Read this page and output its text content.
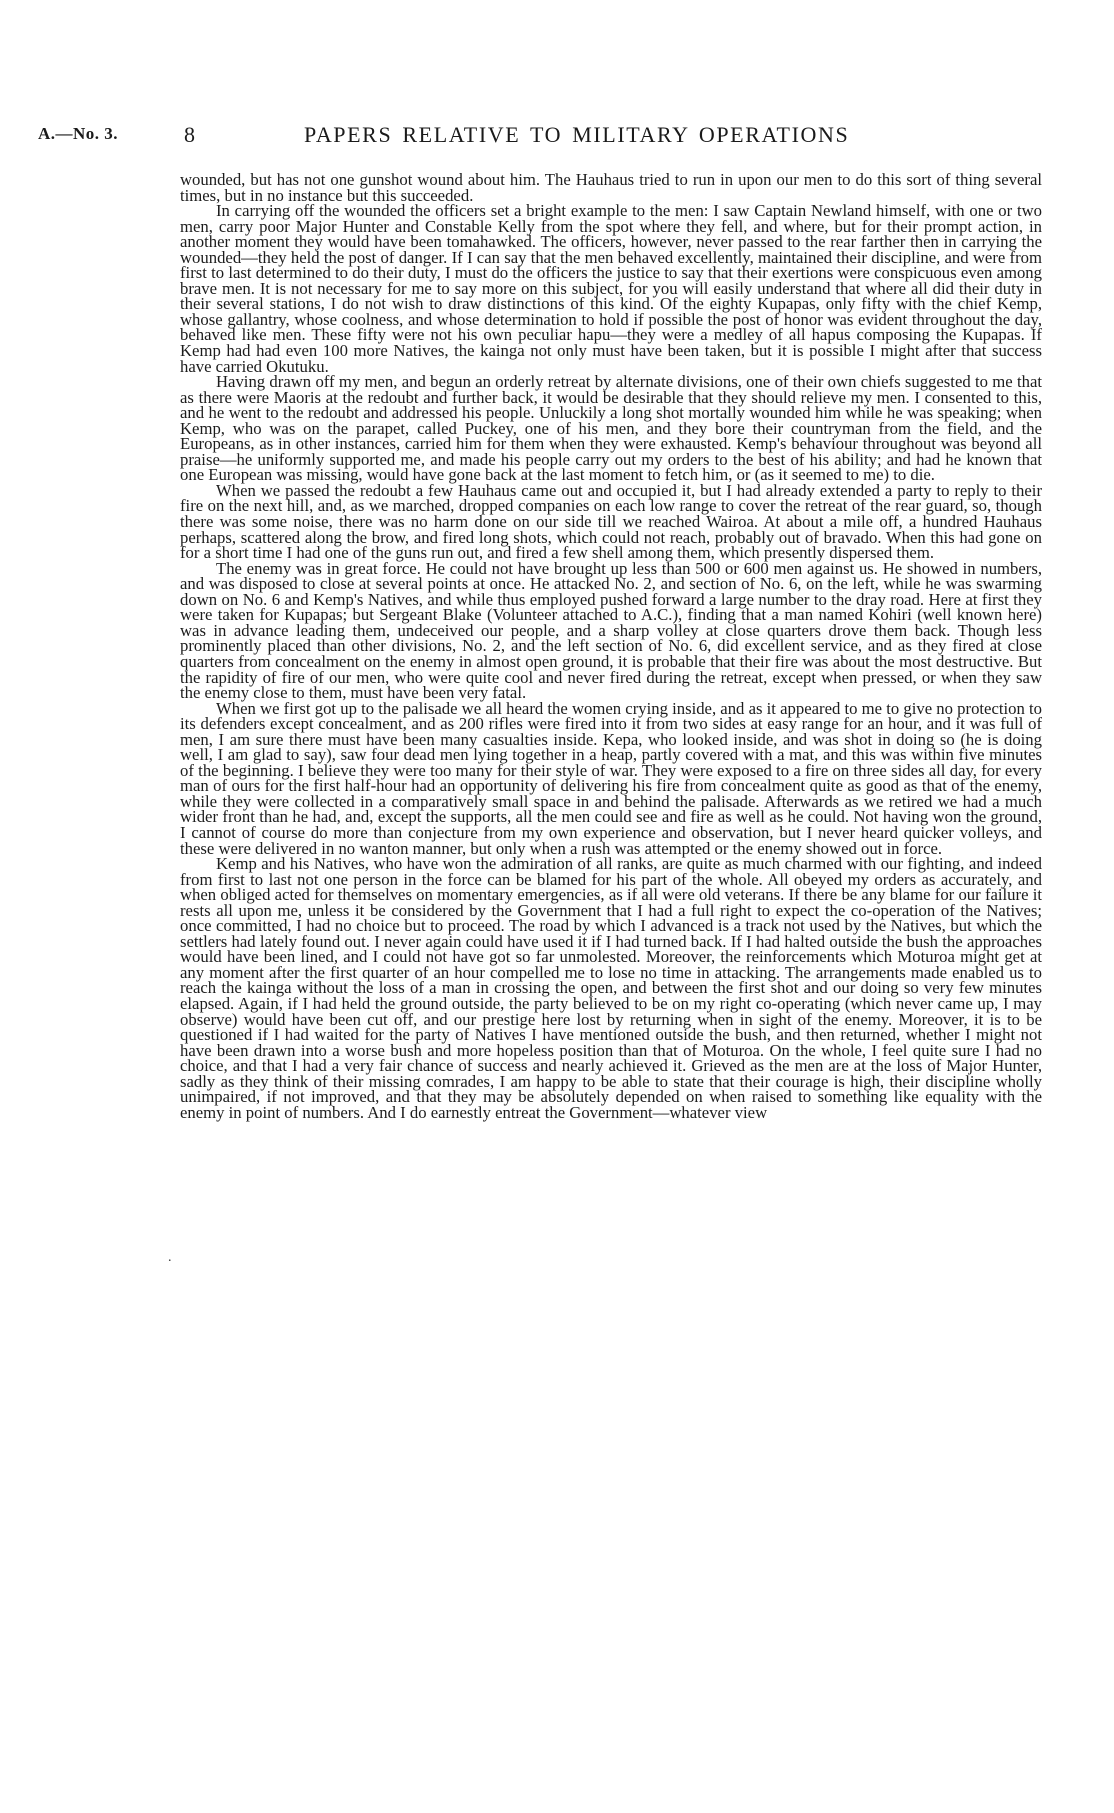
A.—No. 3.	8	PAPERS RELATIVE TO MILITARY OPERATIONS
.

wounded, but has not one gunshot wound about him. The Hauhaus tried to run in upon our men to do this sort of thing several times, but in no instance but this succeeded.

In carrying off the wounded the officers set a bright example to the men: I saw Captain Newland himself, with one or two men, carry poor Major Hunter and Constable Kelly from the spot where they fell, and where, but for their prompt action, in another moment they would have been tomahawked. The officers, however, never passed to the rear farther then in carrying the wounded—they held the post of danger. If I can say that the men behaved excellently, maintained their discipline, and were from first to last determined to do their duty, I must do the officers the justice to say that their exertions were conspicuous even among brave men. It is not necessary for me to say more on this subject, for you will easily understand that where all did their duty in their several stations, I do not wish to draw distinctions of this kind. Of the eighty Kupapas, only fifty with the chief Kemp, whose gallantry, whose coolness, and whose determination to hold if possible the post of honor was evident throughout the day, behaved like men. These fifty were not his own peculiar hapu—they were a medley of all hapus composing the Kupapas. If Kemp had had even 100 more Natives, the kainga not only must have been taken, but it is possible I might after that success have carried Okutuku.

Having drawn off my men, and begun an orderly retreat by alternate divisions, one of their own chiefs suggested to me that as there were Maoris at the redoubt and further back, it would be desirable that they should relieve my men. I consented to this, and he went to the redoubt and addressed his people. Unluckily a long shot mortally wounded him while he was speaking; when Kemp, who was on the parapet, called Puckey, one of his men, and they bore their countryman from the field, and the Europeans, as in other instances, carried him for them when they were exhausted. Kemp's behaviour throughout was beyond all praise—he uniformly supported me, and made his people carry out my orders to the best of his ability; and had he known that one European was missing, would have gone back at the last moment to fetch him, or (as it seemed to me) to die.

When we passed the redoubt a few Hauhaus came out and occupied it, but I had already extended a party to reply to their fire on the next hill, and, as we marched, dropped companies on each low range to cover the retreat of the rear guard, so, though there was some noise, there was no harm done on our side till we reached Wairoa. At about a mile off, a hundred Hauhaus perhaps, scattered along the brow, and fired long shots, which could not reach, probably out of bravado. When this had gone on for a short time I had one of the guns run out, and fired a few shell among them, which presently dispersed them.

The enemy was in great force. He could not have brought up less than 500 or 600 men against us. He showed in numbers, and was disposed to close at several points at once. He attacked No. 2, and section of No. 6, on the left, while he was swarming down on No. 6 and Kemp's Natives, and while thus employed pushed forward a large number to the dray road. Here at first they were taken for Kupapas; but Sergeant Blake (Volunteer attached to A.C.), finding that a man named Kohiri (well known here) was in advance leading them, undeceived our people, and a sharp volley at close quarters drove them back. Though less prominently placed than other divisions, No. 2, and the left section of No. 6, did excellent service, and as they fired at close quarters from concealment on the enemy in almost open ground, it is probable that their fire was about the most destructive. But the rapidity of fire of our men, who were quite cool and never fired during the retreat, except when pressed, or when they saw the enemy close to them, must have been very fatal.

When we first got up to the palisade we all heard the women crying inside, and as it appeared to me to give no protection to its defenders except concealment, and as 200 rifles were fired into it from two sides at easy range for an hour, and it was full of men, I am sure there must have been many casualties inside. Kepa, who looked inside, and was shot in doing so (he is doing well, I am glad to say), saw four dead men lying together in a heap, partly covered with a mat, and this was within five minutes of the beginning. I believe they were too many for their style of war. They were exposed to a fire on three sides all day, for every man of ours for the first half-hour had an opportunity of delivering his fire from concealment quite as good as that of the enemy, while they were collected in a comparatively small space in and behind the palisade. Afterwards as we retired we had a much wider front than he had, and, except the supports, all the men could see and fire as well as he could. Not having won the ground, I cannot of course do more than conjecture from my own experience and observation, but I never heard quicker volleys, and these were delivered in no wanton manner, but only when a rush was attempted or the enemy showed out in force.

Kemp and his Natives, who have won the admiration of all ranks, are quite as much charmed with our fighting, and indeed from first to last not one person in the force can be blamed for his part of the whole. All obeyed my orders as accurately, and when obliged acted for themselves on momentary emergencies, as if all were old veterans. If there be any blame for our failure it rests all upon me, unless it be considered by the Government that I had a full right to expect the co-operation of the Natives; once committed, I had no choice but to proceed. The road by which I advanced is a track not used by the Natives, but which the settlers had lately found out. I never again could have used it if I had turned back. If I had halted outside the bush the approaches would have been lined, and I could not have got so far unmolested. Moreover, the reinforcements which Moturoa might get at any moment after the first quarter of an hour compelled me to lose no time in attacking. The arrangements made enabled us to reach the kainga without the loss of a man in crossing the open, and between the first shot and our doing so very few minutes elapsed. Again, if I had held the ground outside, the party believed to be on my right co-operating (which never came up, I may observe) would have been cut off, and our prestige here lost by returning when in sight of the enemy. Moreover, it is to be questioned if I had waited for the party of Natives I have mentioned outside the bush, and then returned, whether I might not have been drawn into a worse bush and more hopeless position than that of Moturoa. On the whole, I feel quite sure I had no choice, and that I had a very fair chance of success and nearly achieved it. Grieved as the men are at the loss of Major Hunter, sadly as they think of their missing comrades, I am happy to be able to state that their courage is high, their discipline wholly unimpaired, if not improved, and that they may be absolutely depended on when raised to something like equality with the enemy in point of numbers. And I do earnestly entreat the Government—whatever view
